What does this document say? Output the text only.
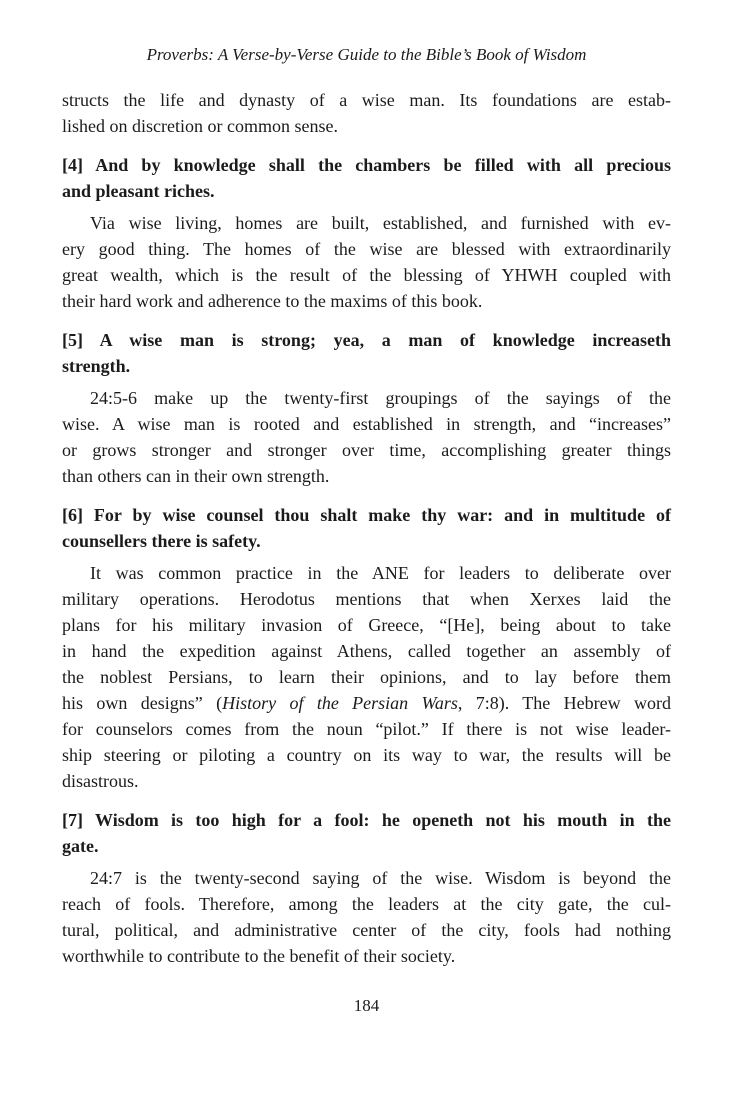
Proverbs: A Verse-by-Verse Guide to the Bible’s Book of Wisdom
structs the life and dynasty of a wise man. Its foundations are estab-
lished on discretion or common sense.
[4] And by knowledge shall the chambers be filled with all precious
and pleasant riches.
Via wise living, homes are built, established, and furnished with ev-
ery good thing. The homes of the wise are blessed with extraordinarily
great wealth, which is the result of the blessing of YHWH coupled with
their hard work and adherence to the maxims of this book.
[5] A wise man is strong; yea, a man of knowledge increaseth
strength.
24:5-6 make up the twenty-first groupings of the sayings of the
wise. A wise man is rooted and established in strength, and “increases”
or grows stronger and stronger over time, accomplishing greater things
than others can in their own strength.
[6] For by wise counsel thou shalt make thy war: and in multitude of
counsellers there is safety.
It was common practice in the ANE for leaders to deliberate over
military operations. Herodotus mentions that when Xerxes laid the
plans for his military invasion of Greece, “[He], being about to take
in hand the expedition against Athens, called together an assembly of
the noblest Persians, to learn their opinions, and to lay before them
his own designs” (History of the Persian Wars, 7:8). The Hebrew word
for counselors comes from the noun “pilot.” If there is not wise leader-
ship steering or piloting a country on its way to war, the results will be
disastrous.
[7] Wisdom is too high for a fool: he openeth not his mouth in the
gate.
24:7 is the twenty-second saying of the wise. Wisdom is beyond the
reach of fools. Therefore, among the leaders at the city gate, the cul-
tural, political, and administrative center of the city, fools had nothing
worthwhile to contribute to the benefit of their society.
184
